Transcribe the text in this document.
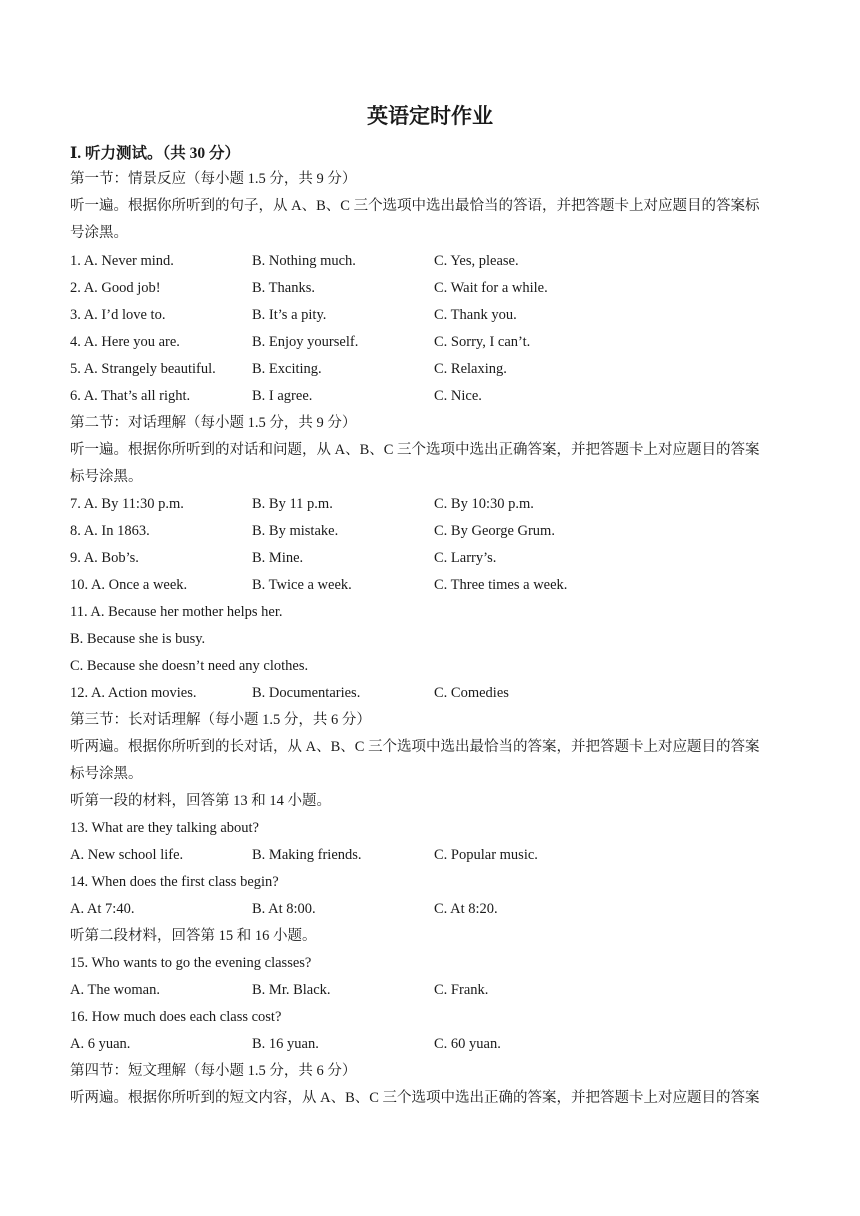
英语定时作业
Ⅰ. 听力测试。（共 30 分）
第一节：情景反应（每小题 1.5 分，共 9 分）
听一遍。根据你所听到的句子，从 A、B、C 三个选项中选出最恰当的答语，并把答题卡上对应题目的答案标
号涂黑。
1. A. Never mind.	B. Nothing much.	C. Yes, please.
2. A. Good job!	B. Thanks.	C. Wait for a while.
3. A. I’d love to.	B. It’s a pity.	C. Thank you.
4. A. Here you are.	B. Enjoy yourself.	C. Sorry, I can’t.
5. A. Strangely beautiful. B. Exciting.	C. Relaxing.
6. A. That’s all right.	B. I agree.	C. Nice.
第二节：对话理解（每小题 1.5 分，共 9 分）
听一遍。根据你所听到的对话和问题，从 A、B、C 三个选项中选出正确答案，并把答题卡上对应题目的答案
标号涂黑。
7. A. By 11:30 p.m.	B. By 11 p.m.	C. By 10:30 p.m.
8. A. In 1863.	B. By mistake.	C. By George Grum.
9. A. Bob’s.	B. Mine.	C. Larry’s.
10. A. Once a week.	B. Twice a week.	C. Three times a week.
11. A. Because her mother helps her.
B. Because she is busy.
C. Because she doesn’t need any clothes.
12. A. Action movies.	B. Documentaries.	C. Comedies
第三节：长对话理解（每小题 1.5 分，共 6 分）
听两遍。根据你所听到的长对话，从 A、B、C 三个选项中选出最恰当的答案，并把答题卡上对应题目的答案
标号涂黑。
听第一段的材料，回答第 13 和 14 小题。
13. What are they talking about?
A. New school life.	B. Making friends.	C. Popular music.
14. When does the first class begin?
A. At 7:40.	B. At 8:00.	C. At 8:20.
听第二段材料，回答第 15 和 16 小题。
15. Who wants to go the evening classes?
A. The woman.	B. Mr. Black.	C. Frank.
16. How much does each class cost?
A. 6 yuan.	B. 16 yuan.	C. 60 yuan.
第四节：短文理解（每小题 1.5 分，共 6 分）
听两遍。根据你所听到的短文内容，从 A、B、C 三个选项中选出正确的答案，并把答题卡上对应题目的答案
